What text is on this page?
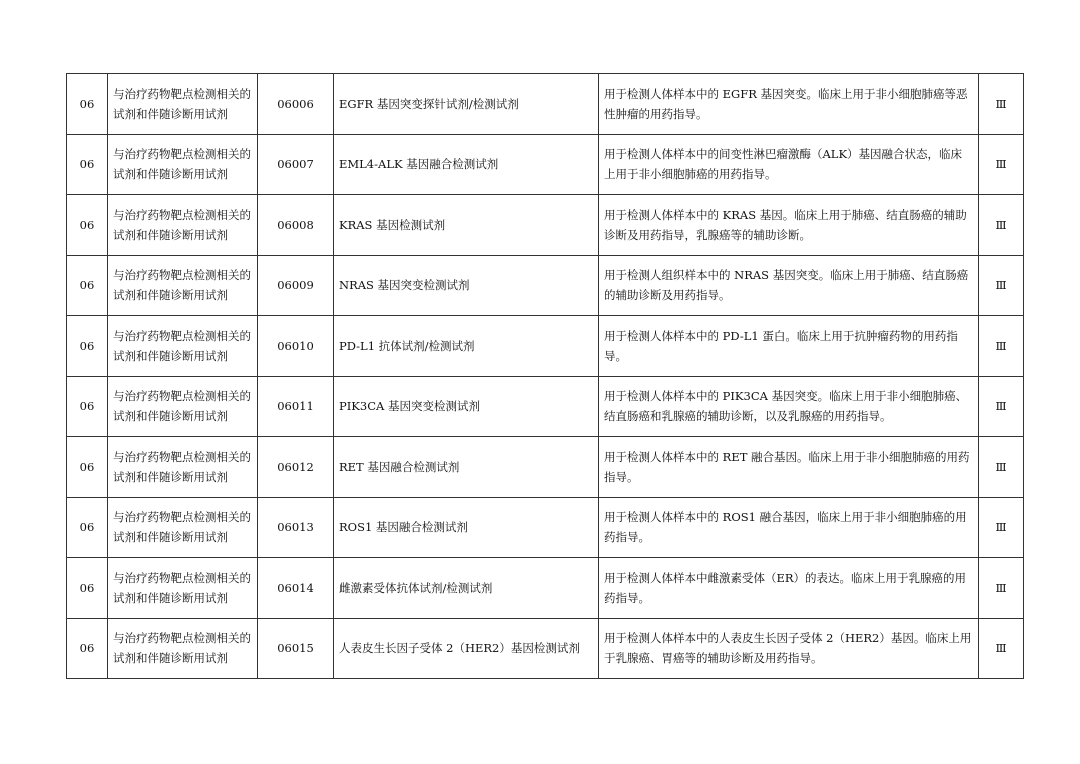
06	与治疗药物靶点检测相关的试剂和伴随诊断用试剂	06006	EGFR 基因突变探针试剂/检测试剂	用于检测人体样本中的 EGFR 基因突变。临床上用于非小细胞肺癌等恶性肿瘤的用药指导。	Ⅲ
06	与治疗药物靶点检测相关的试剂和伴随诊断用试剂	06007	EML4-ALK 基因融合检测试剂	用于检测人体样本中的间变性淋巴瘤激酶（ALK）基因融合状态，临床上用于非小细胞肺癌的用药指导。	Ⅲ
06	与治疗药物靶点检测相关的试剂和伴随诊断用试剂	06008	KRAS 基因检测试剂	用于检测人体样本中的 KRAS 基因。临床上用于肺癌、结直肠癌的辅助诊断及用药指导，乳腺癌等的辅助诊断。	Ⅲ
06	与治疗药物靶点检测相关的试剂和伴随诊断用试剂	06009	NRAS 基因突变检测试剂	用于检测人组织样本中的 NRAS 基因突变。临床上用于肺癌、结直肠癌的辅助诊断及用药指导。	Ⅲ
06	与治疗药物靶点检测相关的试剂和伴随诊断用试剂	06010	PD-L1 抗体试剂/检测试剂	用于检测人体样本中的 PD-L1 蛋白。临床上用于抗肿瘤药物的用药指导。	Ⅲ
06	与治疗药物靶点检测相关的试剂和伴随诊断用试剂	06011	PIK3CA 基因突变检测试剂	用于检测人体样本中的 PIK3CA 基因突变。临床上用于非小细胞肺癌、结直肠癌和乳腺癌的辅助诊断，以及乳腺癌的用药指导。	Ⅲ
06	与治疗药物靶点检测相关的试剂和伴随诊断用试剂	06012	RET 基因融合检测试剂	用于检测人体样本中的 RET 融合基因。临床上用于非小细胞肺癌的用药指导。	Ⅲ
06	与治疗药物靶点检测相关的试剂和伴随诊断用试剂	06013	ROS1 基因融合检测试剂	用于检测人体样本中的 ROS1 融合基因，临床上用于非小细胞肺癌的用药指导。	Ⅲ
06	与治疗药物靶点检测相关的试剂和伴随诊断用试剂	06014	雌激素受体抗体试剂/检测试剂	用于检测人体样本中雌激素受体（ER）的表达。临床上用于乳腺癌的用药指导。	Ⅲ
06	与治疗药物靶点检测相关的试剂和伴随诊断用试剂	06015	人表皮生长因子受体 2（HER2）基因检测试剂	用于检测人体样本中的人表皮生长因子受体 2（HER2）基因。临床上用于乳腺癌、胃癌等的辅助诊断及用药指导。	Ⅲ
